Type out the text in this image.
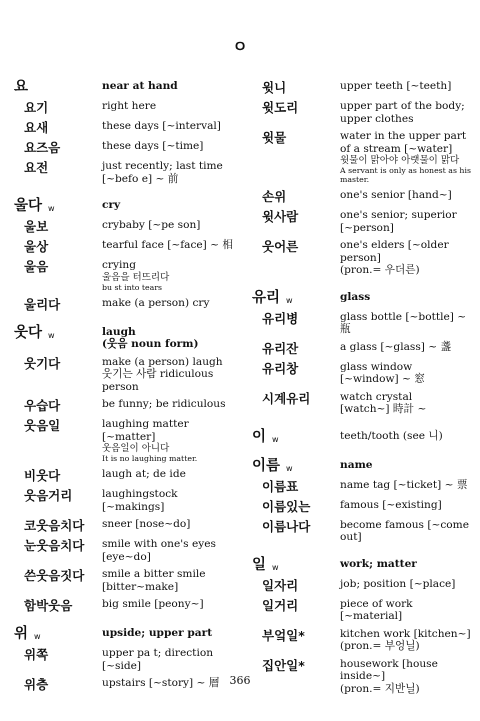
ㅇ
요	near at hand
요기	right here
요새	these days [~interval]
요즈음	these days [~time]
요전	just recently; last time
[~befo e] ~ 前
울다 $^w$	cry
울보	crybaby [~pe son]
울상	tearful face [~face] ~ 相
울음	crying
울음을 터뜨리다
bu st into tears
울리다	make (a person) cry
웃다 $^w$	laugh
(웃음 noun form)
웃기다	make (a person) laugh
웃기는 사람 ridiculous person
우습다	be funny; be ridiculous
웃음일	laughing matter [~matter]
웃음일이 아니다
It is no laughing matter.
비웃다	laugh at; de ide
웃음거리	laughingstock [~makings]
코웃음치다	sneer [nose~do]
눈웃음치다	smile with one's eyes
[eye~do]
쓴웃음짓다	smile a bitter smile
[bitter~make]
함박웃음	big smile [peony~]
위 $^w$	upside; upper part
위쪽	upper pa t; direction [~side]
위층	upstairs [~story] ~ 層
윗니	upper teeth [~teeth]
윗도리	upper part of the body;
upper clothes
윗물	water in the upper part
of a stream [~water]
윗물이 맑아야 아랫물이 맑다
A servant is only as honest as his master.
손위	one's senior [hand~]
윗사람	one's senior; superior
[~person]
웃어른	one's elders [~older person]
(pron.= 우더른)
유리 $^w$	glass
유리병	glass bottle [~bottle] ~ 瓶
유리잔	a glass [~glass] ~ 盞
유리창	glass window
[~window] ~ 窓
시계유리	watch crystal
[watch~] 時計 ~
이 $^w$	teeth/tooth (see 니)
이름 $^w$	name
이름표	name tag [~ticket] ~ 票
이름있는	famous [~existing]
이름나다	become famous [~come out]
일 $^w$	work; matter
일자리	job; position [~place]
일거리	piece of work [~material]
부엌일*	kitchen work [kitchen~]
(pron.= 부엉닐)
집안일*	housework [house inside~]
(pron.= 지반닐)
366
